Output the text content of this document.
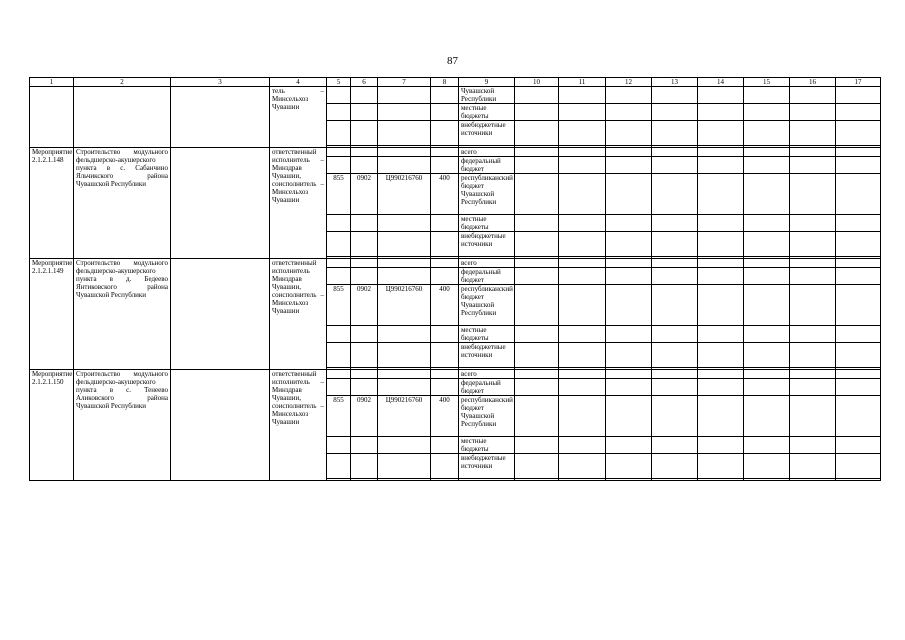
87
1	2	3	4	5	6	7	8	9	10	11	12	13	14	15	16	17
			тель – Минсельхоз Чувашии					Чувашской Республики								
								местные бюджеты								
								внебюджетные источники								

Мероприятие 2.1.2.1.148	Строительство модульного фельдшерско-акушерского пункта в с. Сабанчино Яльчикского района Чувашской Республики		ответственный исполнитель – Минздрав Чувашии, соисполнитель – Минсельхоз Чувашии					всего								
								федеральный бюджет								
				855	0902	Ц990216760	400	республиканский бюджет Чувашской Республики								
								местные бюджеты								
								внебюджетные источники								

Мероприятие 2.1.2.1.149	Строительство модульного фельдшерско-акушерского пункта в д. Бедеево Янтиковского района Чувашской Республики		ответственный исполнитель Минздрав Чувашии, соисполнитель – Минсельхоз Чувашии					всего								
								федеральный бюджет								
				855	0902	Ц990216760	400	республиканский бюджет Чувашской Республики								
								местные бюджеты								
								внебюджетные источники								

Мероприятие 2.1.2.1.150	Строительство модульного фельдшерско-акушерского пункта в с. Тенеево Аликовского района Чувашской Республики		ответственный исполнитель – Минздрав Чувашии, соисполнитель – Минсельхоз Чувашии					всего								
								федеральный бюджет								
				855	0902	Ц990216760	400	республиканский бюджет Чувашской Республики								
								местные бюджеты								
								внебюджетные источники								
